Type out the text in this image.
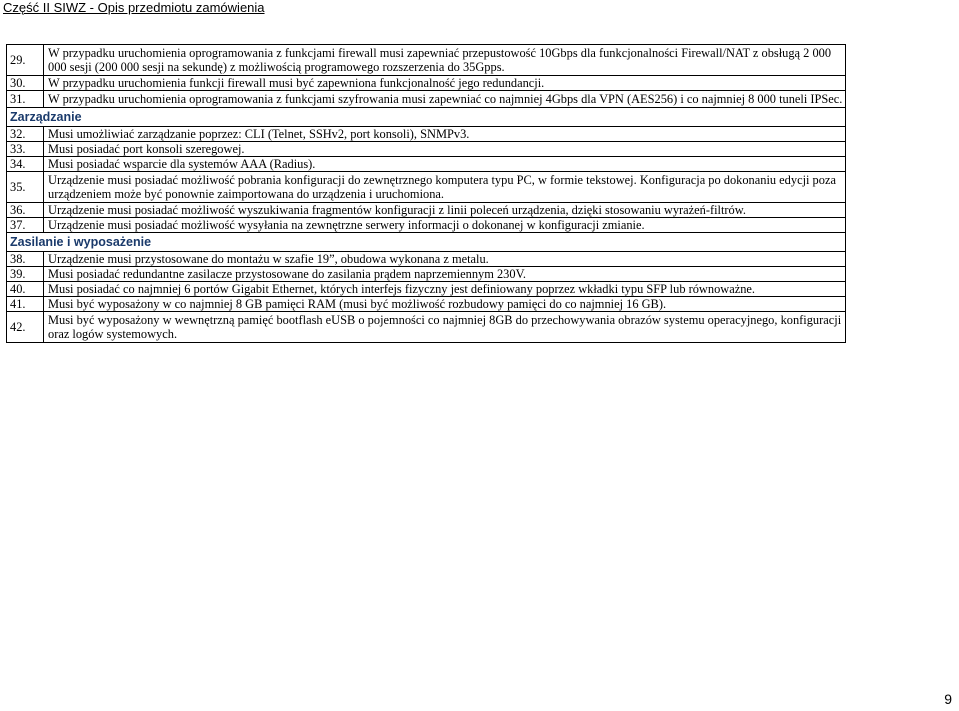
Część II SIWZ - Opis przedmiotu zamówienia
29.	W przypadku uruchomienia oprogramowania z funkcjami firewall musi zapewniać przepustowość 10Gbps dla funkcjonalności Firewall/NAT z obsługą 2 000 000 sesji (200 000 sesji na sekundę) z możliwością programowego rozszerzenia do 35Gpps.
30.	W przypadku uruchomienia funkcji firewall musi być zapewniona funkcjonalność jego redundancji.
31.	W przypadku uruchomienia oprogramowania z funkcjami szyfrowania musi zapewniać co najmniej 4Gbps dla VPN (AES256) i co najmniej 8 000 tuneli IPSec.
Zarządzanie	
32.	Musi umożliwiać zarządzanie poprzez: CLI (Telnet, SSHv2, port konsoli), SNMPv3.
33.	Musi posiadać port konsoli szeregowej.
34.	Musi posiadać wsparcie dla systemów AAA (Radius).
35.	Urządzenie musi posiadać możliwość pobrania konfiguracji do zewnętrznego komputera typu PC, w formie tekstowej. Konfiguracja po dokonaniu edycji poza urządzeniem może być ponownie zaimportowana do urządzenia i uruchomiona.
36.	Urządzenie musi posiadać możliwość wyszukiwania fragmentów konfiguracji z linii poleceń urządzenia, dzięki stosowaniu wyrażeń-filtrów.
37.	Urządzenie musi posiadać możliwość wysyłania na zewnętrzne serwery informacji o dokonanej w konfiguracji zmianie.
Zasilanie i wyposażenie	
38.	Urządzenie musi przystosowane do montażu w szafie 19”, obudowa wykonana z metalu.
39.	Musi posiadać redundantne zasilacze przystosowane do zasilania prądem naprzemiennym 230V.
40.	Musi posiadać co najmniej 6 portów Gigabit Ethernet, których interfejs fizyczny jest definiowany poprzez wkładki typu SFP lub równoważne.
41.	Musi być wyposażony w co najmniej 8 GB pamięci RAM (musi być możliwość rozbudowy pamięci do co najmniej 16 GB).
42.	Musi być wyposażony w wewnętrzną pamięć bootflash eUSB o pojemności co najmniej 8GB do przechowywania obrazów systemu operacyjnego, konfiguracji oraz logów systemowych.
9
